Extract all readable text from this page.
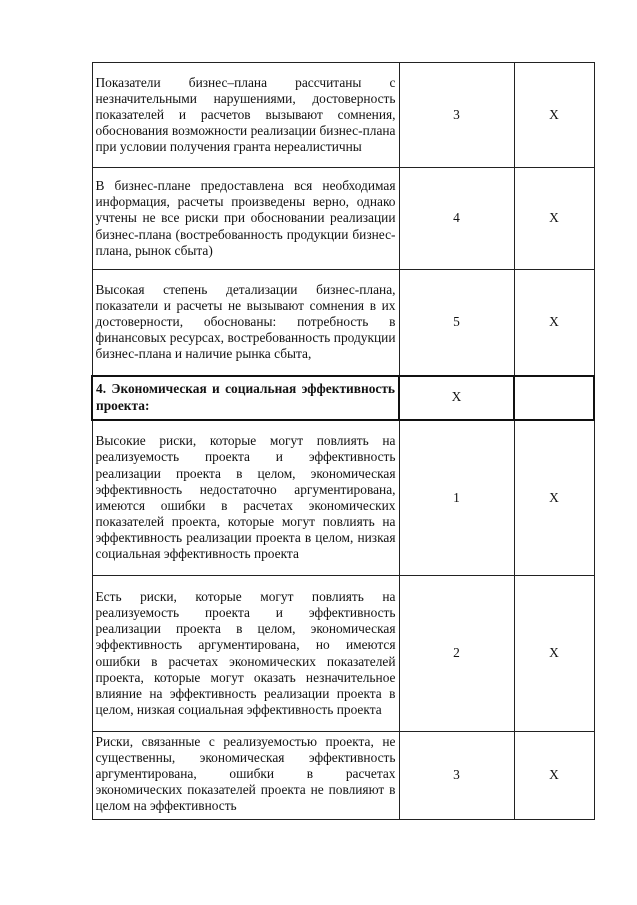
Показатели бизнес–плана рассчитаны с незначительными нарушениями, достоверность показателей и расчетов вызывают сомнения, обоснования возможности реализации бизнес-плана при условии получения гранта нереалистичны	3	X

В бизнес-плане предоставлена вся необходимая информация, расчеты произведены верно, однако учтены не все риски при обосновании реализации бизнес-плана (востребованность продукции бизнес-плана, рынок сбыта)	4	X

Высокая степень детализации бизнес-плана, показатели и расчеты не вызывают сомнения в их достоверности, обоснованы: потребность в финансовых ресурсах, востребованность продукции бизнес-плана и наличие рынка сбыта,	5	X

4. Экономическая и социальная эффективность проекта:	X	

Высокие риски, которые могут повлиять на реализуемость проекта и эффективность реализации проекта в целом, экономическая эффективность недостаточно аргументирована, имеются ошибки в расчетах экономических показателей проекта, которые могут повлиять на эффективность реализации проекта в целом, низкая социальная эффективность проекта	1	X

Есть риски, которые могут повлиять на реализуемость проекта и эффективность реализации проекта в целом, экономическая эффективность аргументирована, но имеются ошибки в расчетах экономических показателей проекта, которые могут оказать незначительное влияние на эффективность реализации проекта в целом, низкая социальная эффективность проекта	2	X

Риски, связанные с реализуемостью проекта, не существенны, экономическая эффективность аргументирована, ошибки в расчетах экономических показателей проекта не повлияют в целом на эффективность	3	X
